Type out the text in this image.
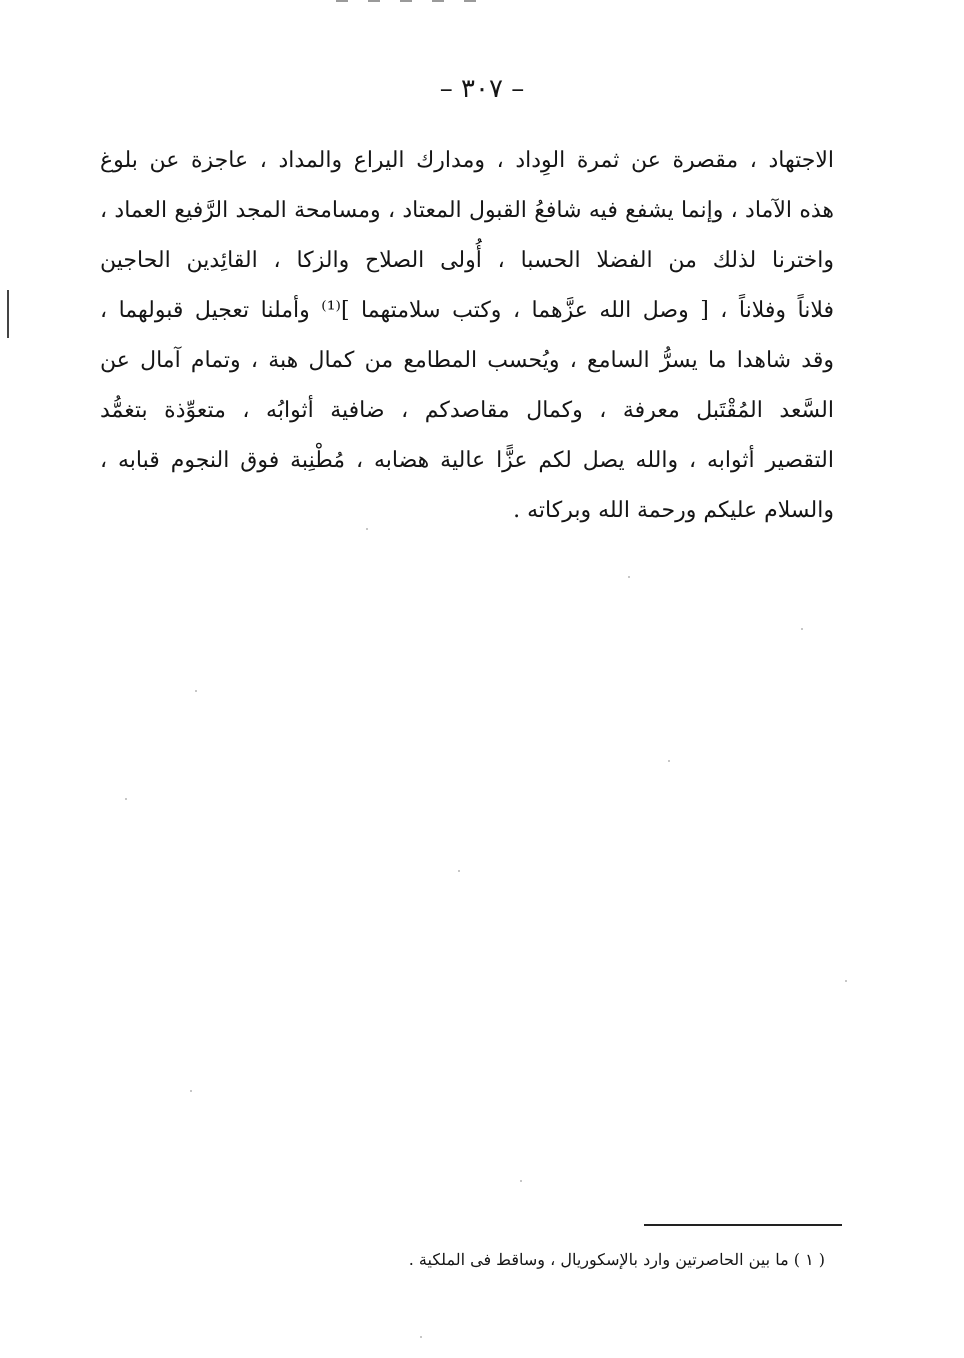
– ٣٠٧ –
الاجتهاد ، مقصرة عن ثمرة الوِداد ، ومدارك اليراع والمداد ، عاجزة عن بلوغ
هذه الآماد ، وإنما يشفع فيه شافعُ القبول المعتاد ، ومسامحة المجد الرَّفيع العماد ،
واخترنا لذلك من الفضلا الحسبا ، أُولى الصلاح والزكا ، القائِدين الحاجين
فلاناً وفلاناً ، [ وصل الله عزَّهما ، وكتب سلامتهما ]⁽¹⁾ وأملنا تعجيل قبولهما ،
وقد شاهدا ما يسرُّ السامع ، ويُحسب المطامع من كمال هبة ، وتمام آمال عن
السَّعد المُقْتَبل معرفة ، وكمال مقاصدكم ، ضافية أثوابُه ، متعوِّذة بتغمُّد
التقصير أثوابه ، والله يصل لكم عزًّا عالية هضابه ، مُطْنِبة فوق النجوم قبابه ،
والسلام عليكم ورحمة الله وبركاته .
( ١ ) ما بين الحاصرتين وارد بالإسكوريال ، وساقط فى الملكية .
